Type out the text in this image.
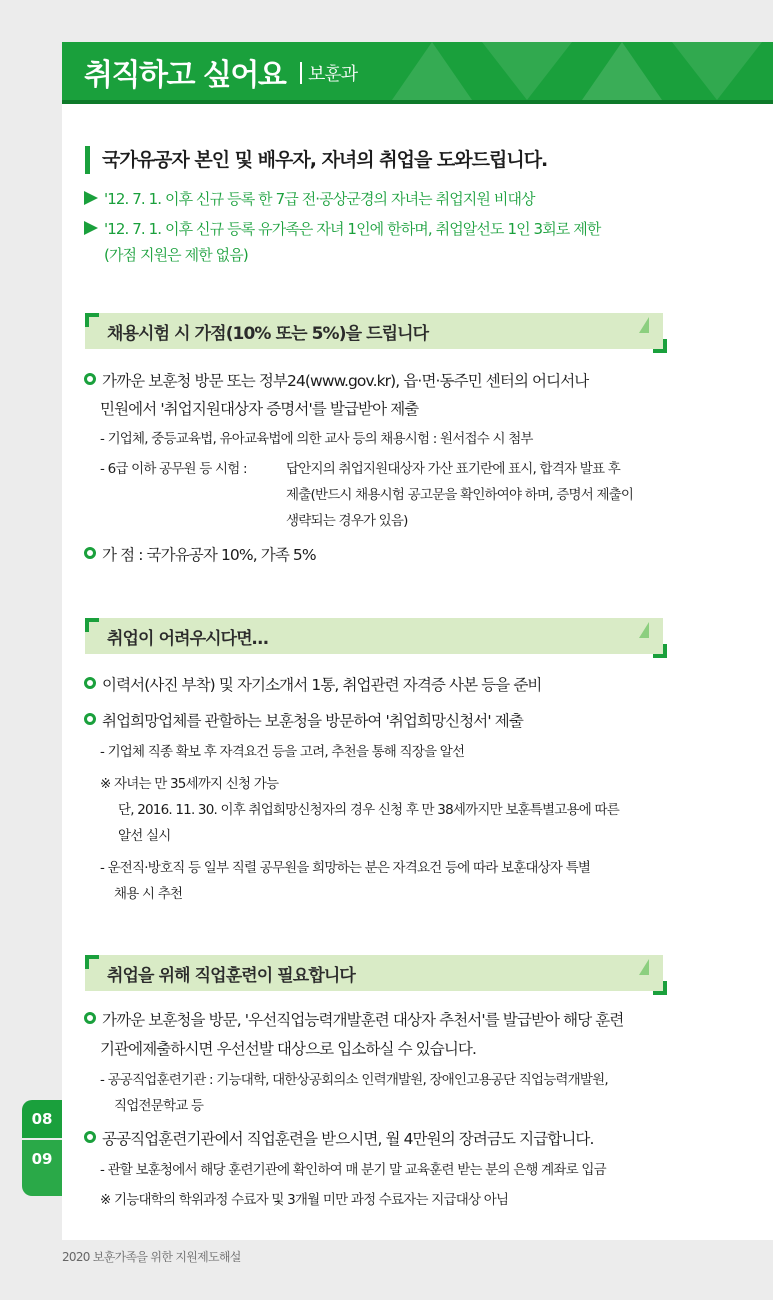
취직하고 싶어요 보훈과
국가유공자 본인 및 배우자, 자녀의 취업을 도와드립니다.
'12. 7. 1. 이후 신규 등록 한 7급 전·공상군경의 자녀는 취업지원 비대상
'12. 7. 1. 이후 신규 등록 유가족은 자녀 1인에 한하며, 취업알선도 1인 3회로 제한
(가점 지원은 제한 없음)
채용시험 시 가점(10% 또는 5%)을 드립니다
가까운 보훈청 방문 또는 정부24(www.gov.kr), 읍·면·동주민 센터의 어디서나
민원에서 '취업지원대상자 증명서'를 발급받아 제출
- 기업체, 중등교육법, 유아교육법에 의한 교사 등의 채용시험 : 원서접수 시 첨부
- 6급 이하 공무원 등 시험 :	답안지의 취업지원대상자 가산 표기란에 표시, 합격자 발표 후
제출(반드시 채용시험 공고문을 확인하여야 하며, 증명서 제출이
생략되는 경우가 있음)
가 점 : 국가유공자 10%, 가족 5%
취업이 어려우시다면…
이력서(사진 부착) 및 자기소개서 1통, 취업관련 자격증 사본 등을 준비
취업희망업체를 관할하는 보훈청을 방문하여 '취업희망신청서' 제출
- 기업체 직종 확보 후 자격요건 등을 고려, 추천을 통해 직장을 알선
※ 자녀는 만 35세까지 신청 가능
단, 2016. 11. 30. 이후 취업희망신청자의 경우 신청 후 만 38세까지만 보훈특별고용에 따른
알선 실시
- 운전직·방호직 등 일부 직렬 공무원을 희망하는 분은 자격요건 등에 따라 보훈대상자 특별
채용 시 추천
취업을 위해 직업훈련이 필요합니다
가까운 보훈청을 방문, '우선직업능력개발훈련 대상자 추천서'를 발급받아 해당 훈련
기관에제출하시면 우선선발 대상으로 입소하실 수 있습니다.
- 공공직업훈련기관 : 기능대학, 대한상공회의소 인력개발원, 장애인고용공단 직업능력개발원,
직업전문학교 등
공공직업훈련기관에서 직업훈련을 받으시면, 월 4만원의 장려금도 지급합니다.
- 관할 보훈청에서 해당 훈련기관에 확인하여 매 분기 말 교육훈련 받는 분의 은행 계좌로 입금
※ 기능대학의 학위과정 수료자 및 3개월 미만 과정 수료자는 지급대상 아님
08
09
2020 보훈가족을 위한 지원제도해설
